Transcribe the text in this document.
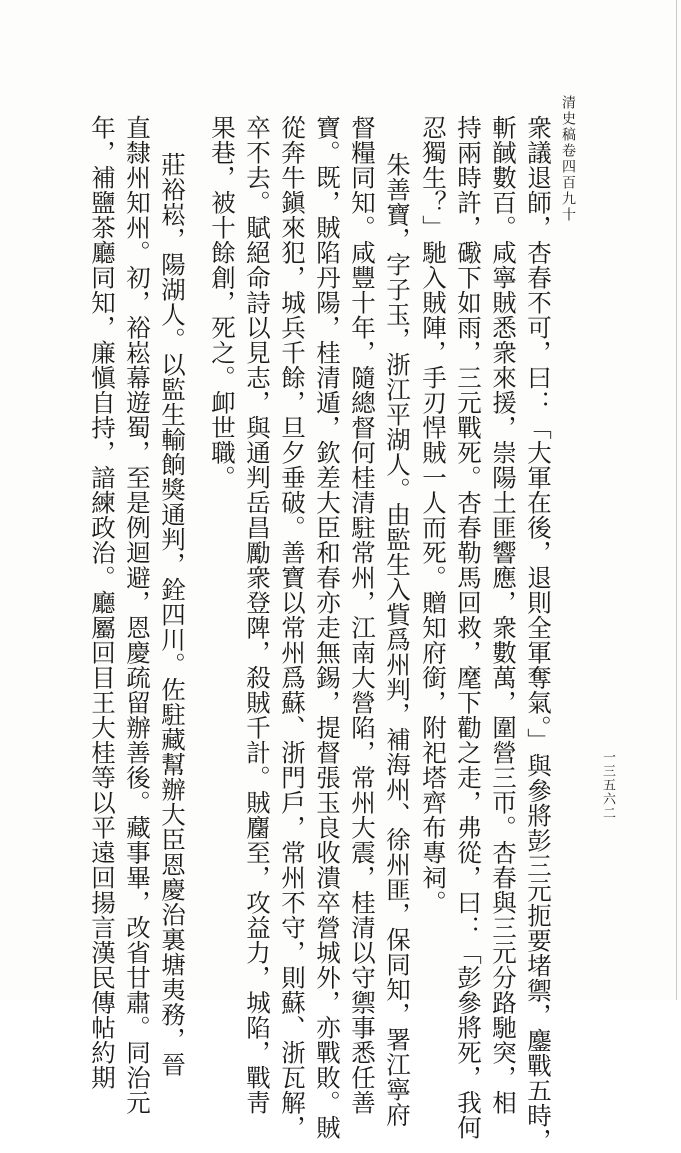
清史稿卷四百九十
一三五六二
衆議退師，杏春不可，曰：「大軍在後，退則全軍奪氣。」與參將彭三元扼要堵禦，鏖戰五時，
斬馘數百。咸寧賊悉衆來援，崇陽土匪響應，衆數萬，圍營三帀。杏春與三元分路馳突，相
持兩時許，礮下如雨，三元戰死。杏春勒馬回救，麾下勸之走，弗從，曰：「彭參將死，我何
忍獨生？」馳入賊陣，手刃悍賊一人而死。贈知府銜，附祀塔齊布專祠。
朱善寶，字子玉，浙江平湖人。由監生入貲爲州判，補海州、徐州匪，保同知，署江寧府
督糧同知。咸豐十年，隨總督何桂清駐常州，江南大營陷，常州大震，桂清以守禦事悉任善
寶。既，賊陷丹陽，桂清遁，欽差大臣和春亦走無錫，提督張玉良收潰卒營城外，亦戰敗。賊
從奔牛鎭來犯，城兵千餘，旦夕垂破。善寶以常州爲蘇、浙門戶，常州不守，則蘇、浙瓦解，
卒不去。賦絕命詩以見志，與通判岳昌勵衆登陴，殺賊千計。賊麕至，攻益力，城陷，戰靑
果巷，被十餘創，死之。卹世職。
莊裕崧，陽湖人。以監生輸餉獎通判，銓四川。佐駐藏幫辦大臣恩慶治裏塘夷務，晉
直隸州知州。初，裕崧幕遊蜀，至是例迴避，恩慶疏留辦善後。藏事畢，改省甘肅。同治元
年，補鹽茶廳同知，廉愼自持，諳練政治。廳屬回目王大桂等以平遠回揚言漢民傳帖約期
